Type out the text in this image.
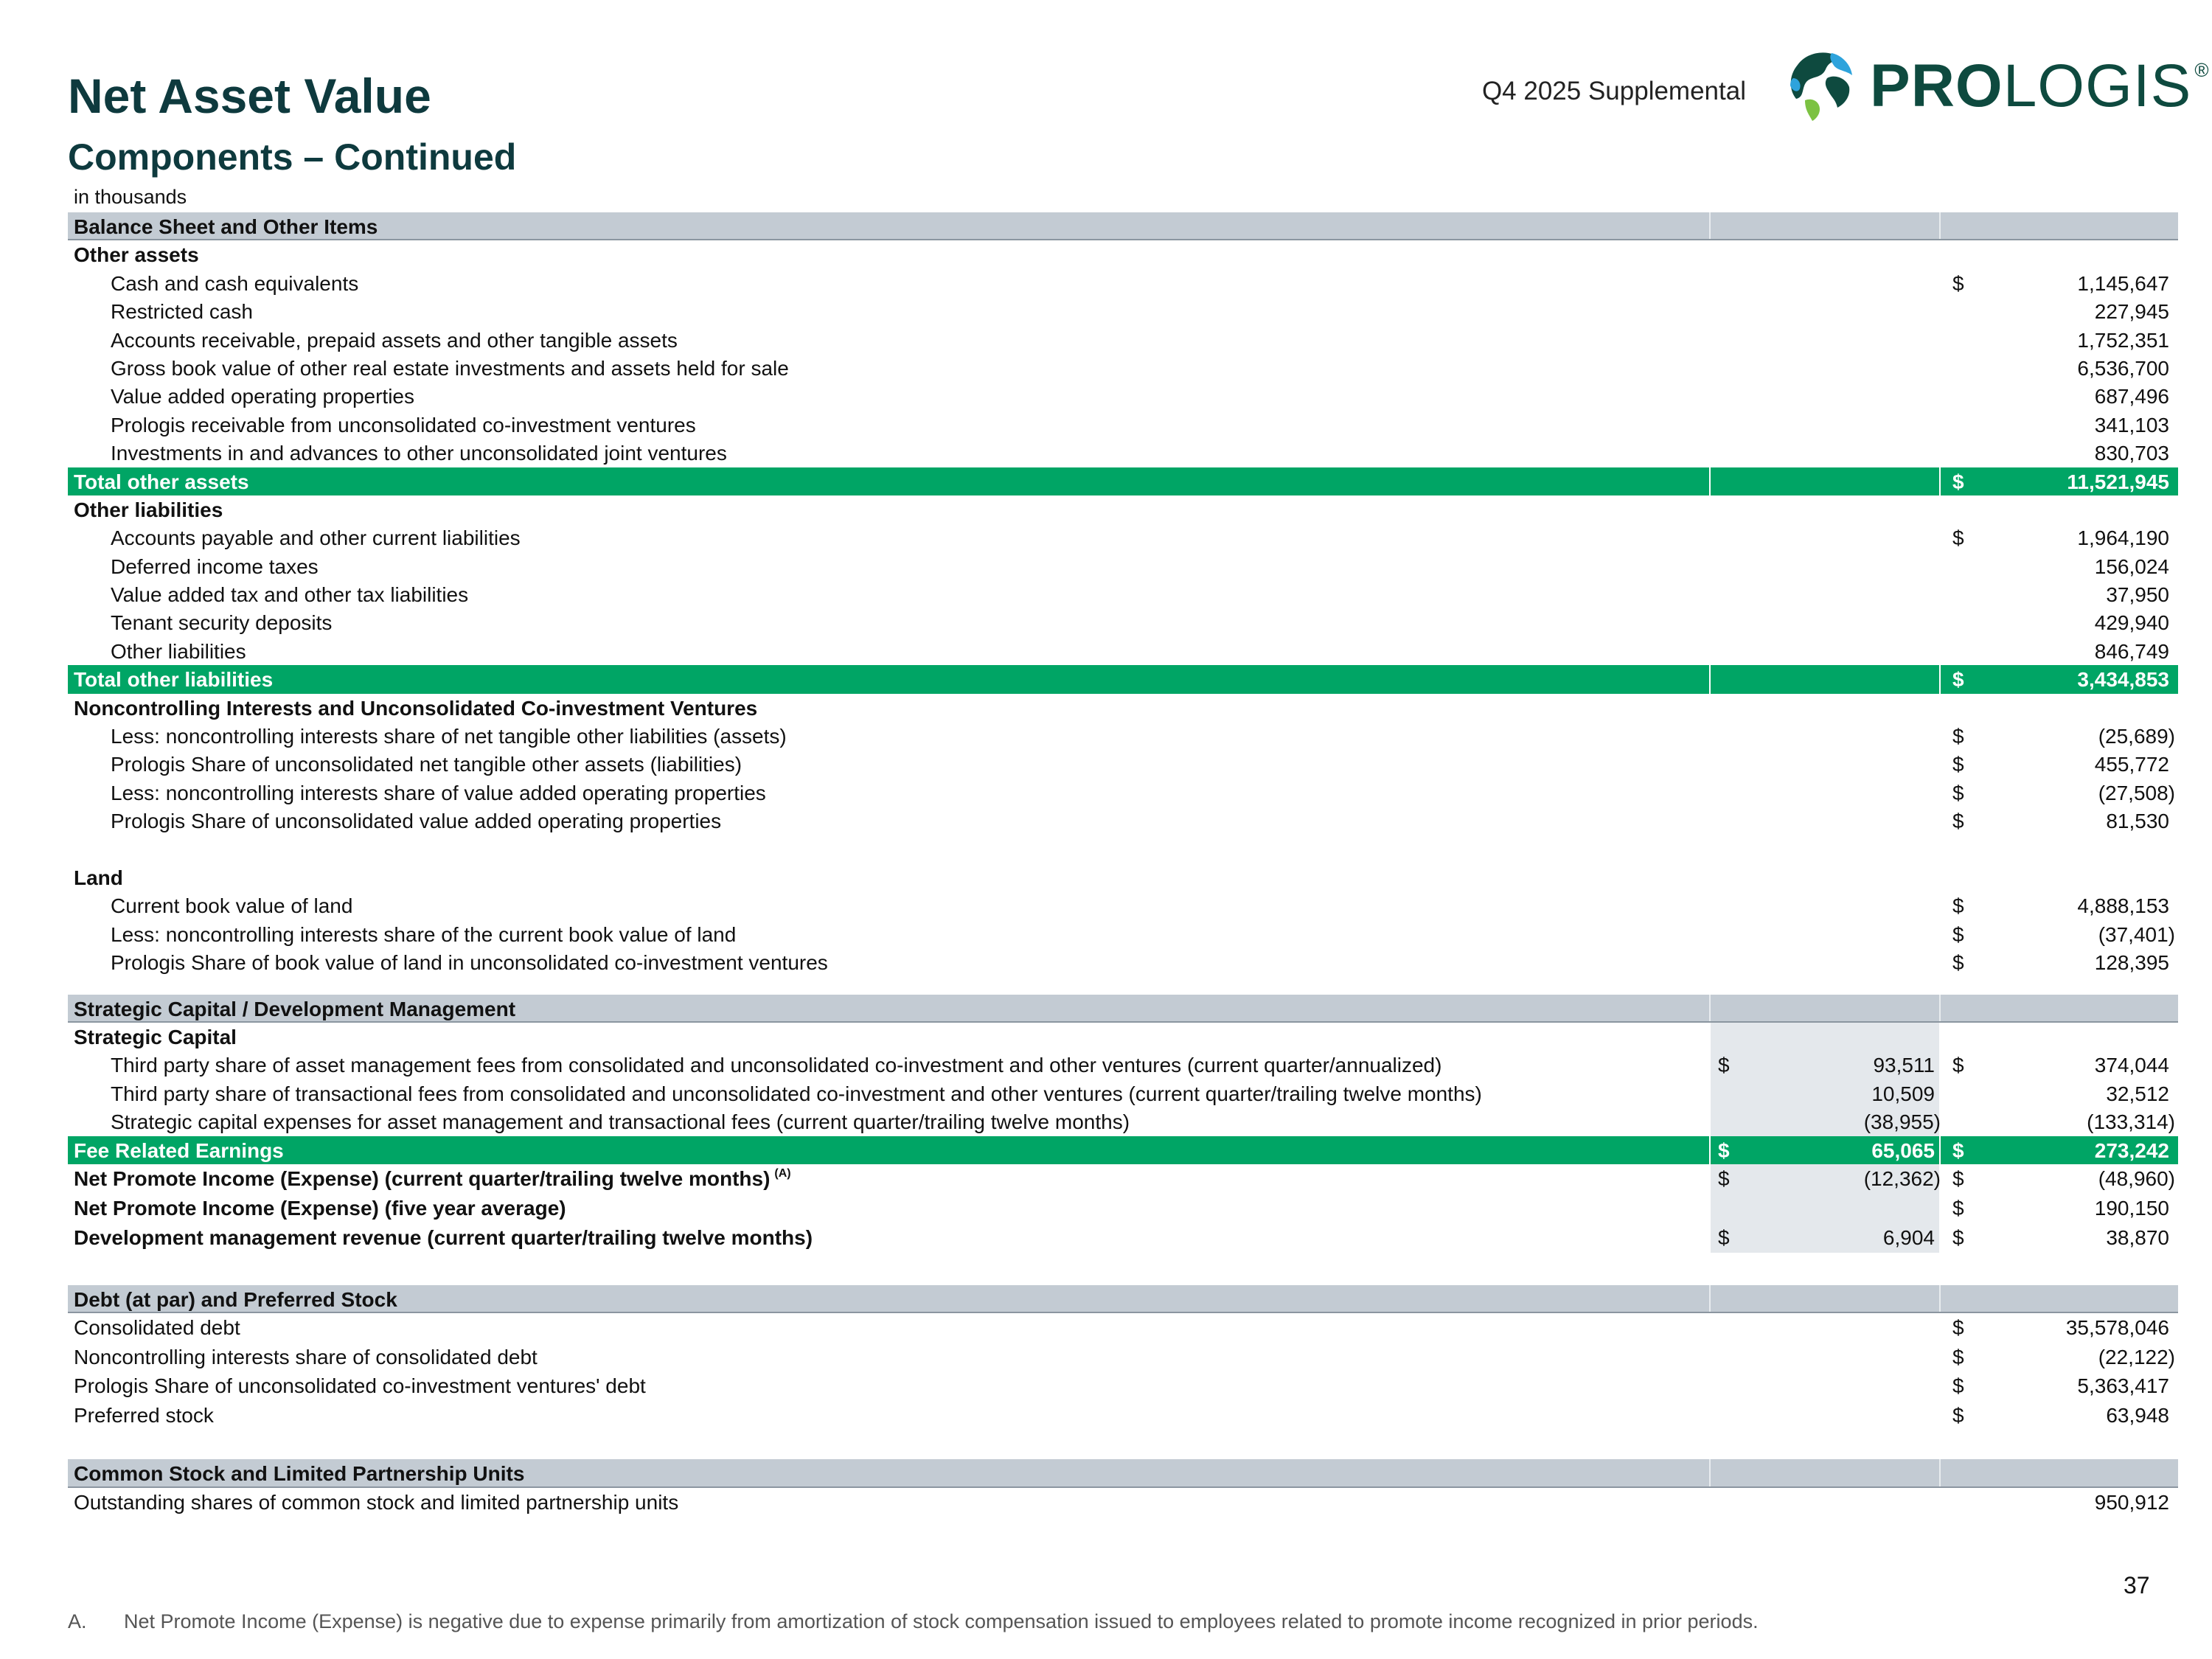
Net Asset Value
Components – Continued
Q4 2025 Supplemental PROLOGIS ®
in thousands
Balance Sheet and Other Items
Other assets
Cash and cash equivalents	$	1,145,647
Restricted cash	227,945
Accounts receivable, prepaid assets and other tangible assets	1,752,351
Gross book value of other real estate investments and assets held for sale	6,536,700
Value added operating properties	687,496
Prologis receivable from unconsolidated co-investment ventures	341,103
Investments in and advances to other unconsolidated joint ventures	830,703
Total other assets	$	11,521,945
Other liabilities
Accounts payable and other current liabilities	$	1,964,190
Deferred income taxes	156,024
Value added tax and other tax liabilities	37,950
Tenant security deposits	429,940
Other liabilities	846,749
Total other liabilities	$	3,434,853
Noncontrolling Interests and Unconsolidated Co-investment Ventures
Less: noncontrolling interests share of net tangible other liabilities (assets)	$	(25,689)
Prologis Share of unconsolidated net tangible other assets (liabilities)	$	455,772
Less: noncontrolling interests share of value added operating properties	$	(27,508)
Prologis Share of unconsolidated value added operating properties	$	81,530
Land
Current book value of land	$	4,888,153
Less: noncontrolling interests share of the current book value of land	$	(37,401)
Prologis Share of book value of land in unconsolidated co-investment ventures	$	128,395
Strategic Capital / Development Management
Strategic Capital
Third party share of asset management fees from consolidated and unconsolidated co-investment and other ventures (current quarter/annualized)	$	93,511 $	374,044
Third party share of transactional fees from consolidated and unconsolidated co-investment and other ventures (current quarter/trailing twelve months)	10,509	32,512
Strategic capital expenses for asset management and transactional fees (current quarter/trailing twelve months)	(38,955)	(133,314)
Fee Related Earnings	$	65,065 $	273,242
Net Promote Income (Expense) (current quarter/trailing twelve months) $^{(A)}$	$	(12,362) $	(48,960)
Net Promote Income (Expense) (five year average)	$	190,150
Development management revenue (current quarter/trailing twelve months)	$	6,904 $	38,870
Debt (at par) and Preferred Stock
Consolidated debt	$	35,578,046
Noncontrolling interests share of consolidated debt	$	(22,122)
Prologis Share of unconsolidated co-investment ventures' debt	$	5,363,417
Preferred stock	$	63,948
Common Stock and Limited Partnership Units
Outstanding shares of common stock and limited partnership units	950,912
37
A. Net Promote Income (Expense) is negative due to expense primarily from amortization of stock compensation issued to employees related to promote income recognized in prior periods.
